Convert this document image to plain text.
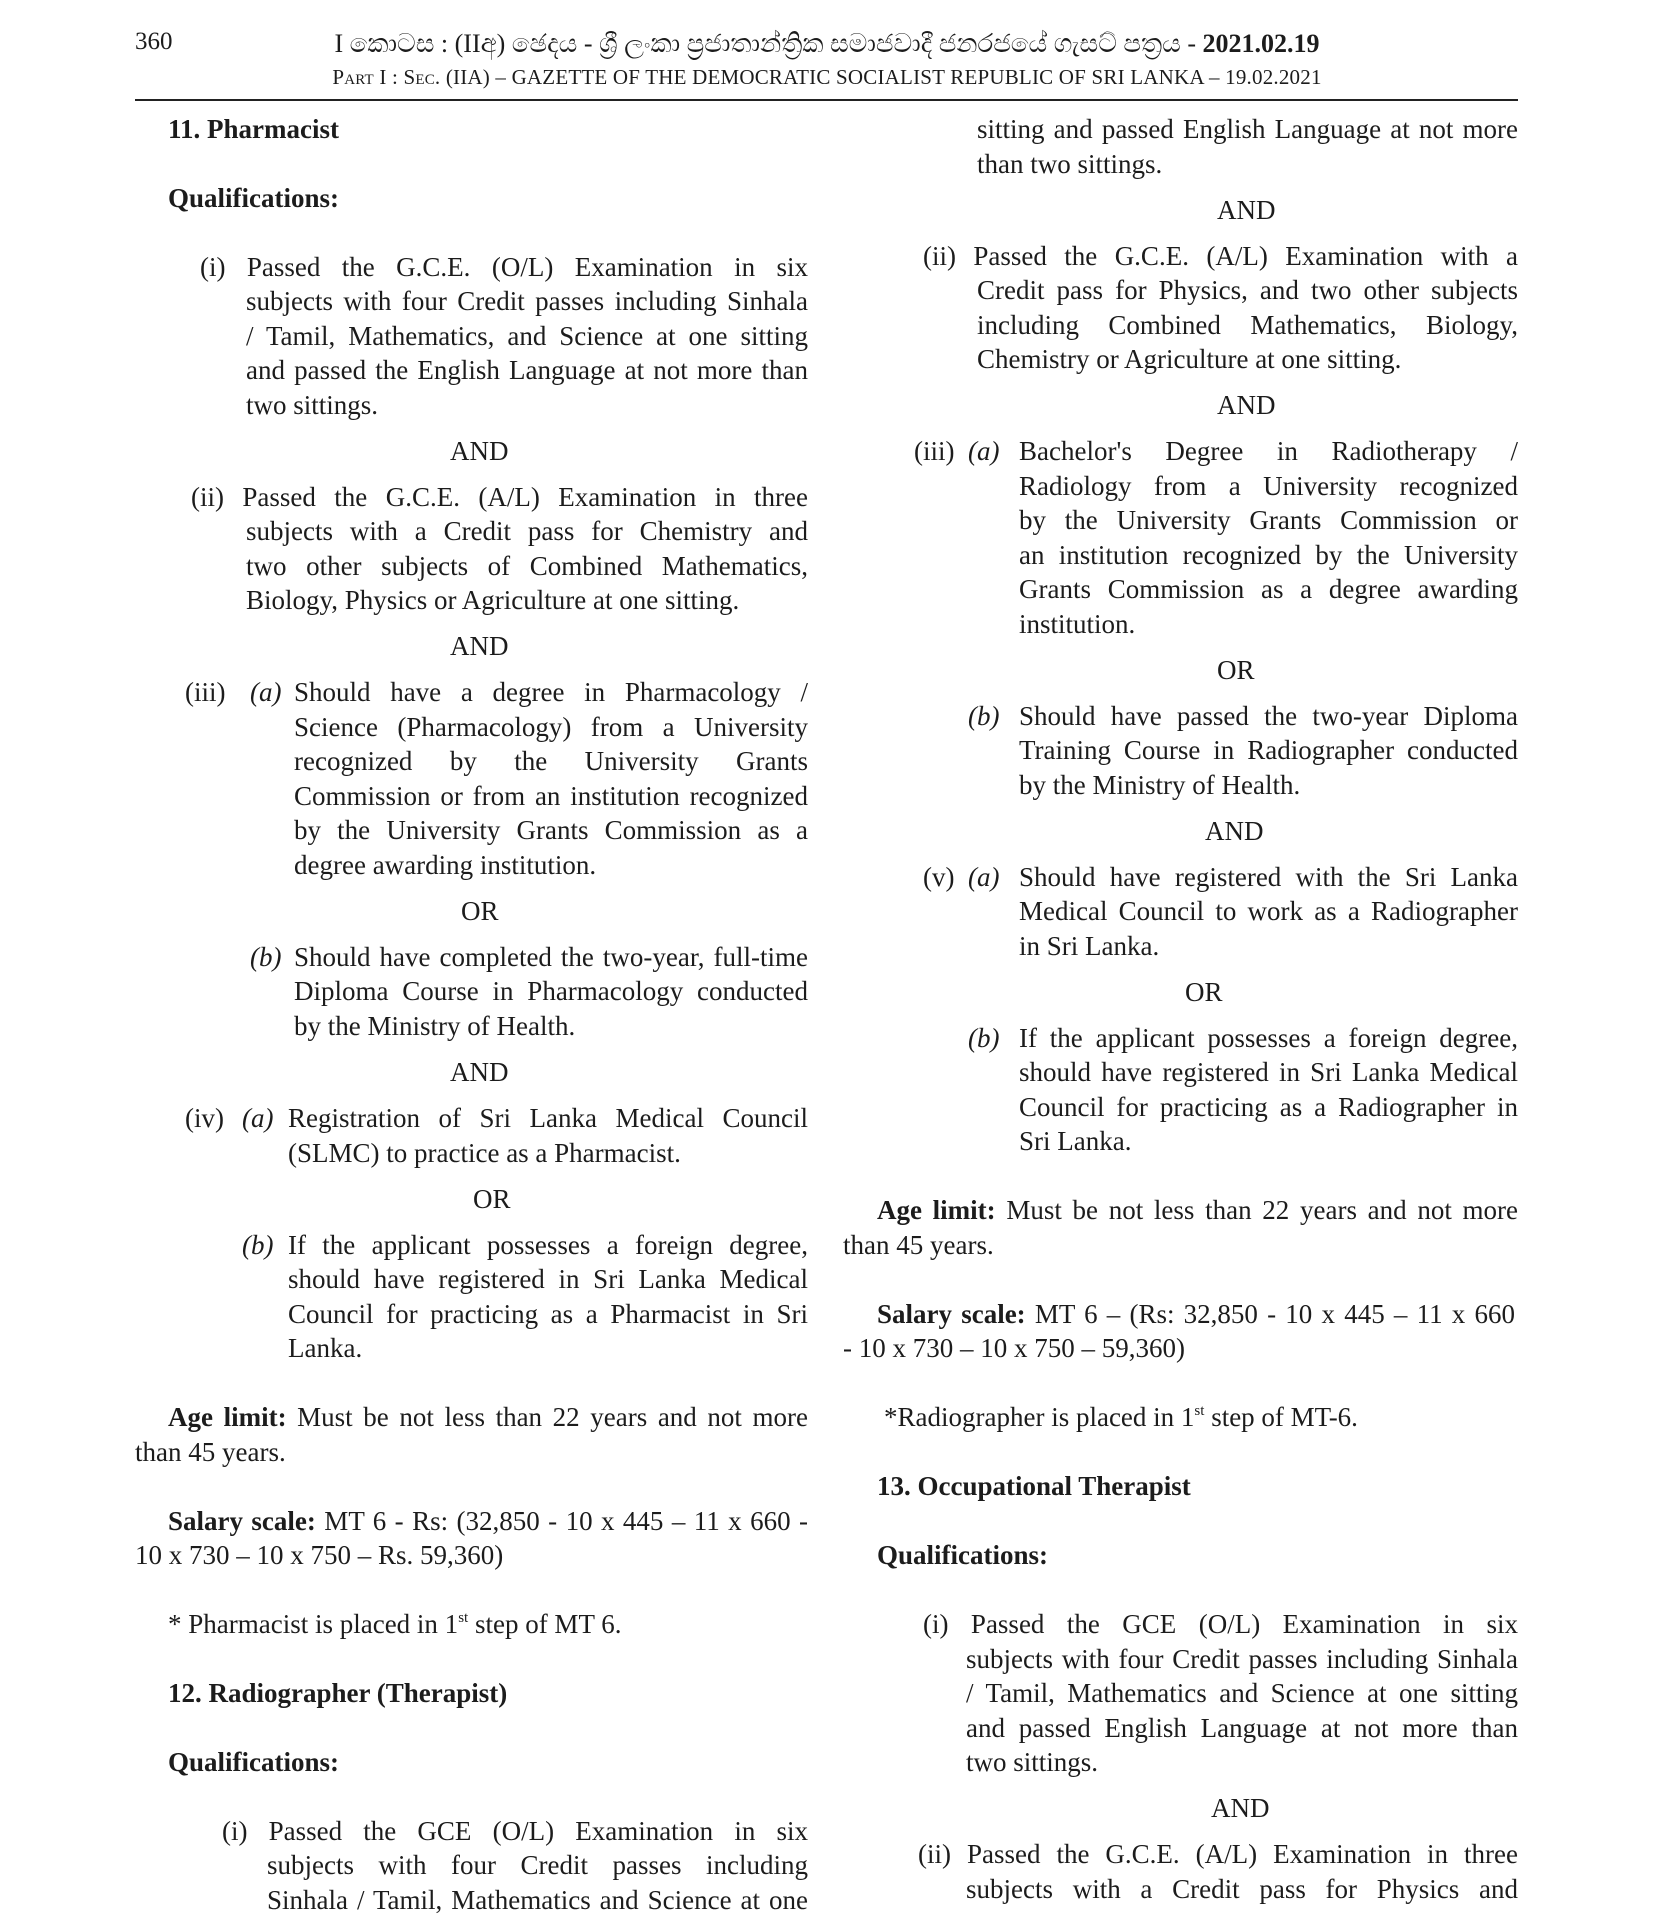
360	I කොටස : (IIඅ) ඡෙදය - ශ්‍රී ලංකා ප්‍රජාතාන්ත්‍රික සමාජවාදී ජනරජයේ ගැසට් පත්‍රය - 2021.02.19
Part I : Sec. (IIA) – GAZETTE OF THE DEMOCRATIC SOCIALIST REPUBLIC OF SRI LANKA – 19.02.2021
11. Pharmacist
Qualifications:
(i) Passed the G.C.E. (O/L) Examination in six
subjects with four Credit passes including Sinhala
/ Tamil, Mathematics, and Science at one sitting
and passed the English Language at not more than
two sittings.
AND
(ii) Passed the G.C.E. (A/L) Examination in three
subjects with a Credit pass for Chemistry and
two other subjects of Combined Mathematics,
Biology, Physics or Agriculture at one sitting.
AND
(iii) (a) Should have a degree in Pharmacology /
Science (Pharmacology) from a University
recognized by the University Grants
Commission or from an institution recognized
by the University Grants Commission as a
degree awarding institution.
OR
(b) Should have completed the two-year, full-time
Diploma Course in Pharmacology conducted
by the Ministry of Health.
AND
(iv) (a) Registration of Sri Lanka Medical Council
(SLMC) to practice as a Pharmacist.
OR
(b) If the applicant possesses a foreign degree,
should have registered in Sri Lanka Medical
Council for practicing as a Pharmacist in Sri
Lanka.
Age limit: Must be not less than 22 years and not more
than 45 years.
Salary scale: MT 6 - Rs: (32,850 - 10 x 445 – 11 x 660 -
10 x 730 – 10 x 750 – Rs. 59,360)
* Pharmacist is placed in 1st step of MT 6.
12. Radiographer (Therapist)
Qualifications:
(i) Passed the GCE (O/L) Examination in six
subjects with four Credit passes including
Sinhala / Tamil, Mathematics and Science at one
sitting and passed English Language at not more
than two sittings.
AND
(ii) Passed the G.C.E. (A/L) Examination with a
Credit pass for Physics, and two other subjects
including Combined Mathematics, Biology,
Chemistry or Agriculture at one sitting.
AND
(iii) (a) Bachelor's Degree in Radiotherapy /
Radiology from a University recognized
by the University Grants Commission or
an institution recognized by the University
Grants Commission as a degree awarding
institution.
OR
(b) Should have passed the two-year Diploma
Training Course in Radiographer conducted
by the Ministry of Health.
AND
(v) (a) Should have registered with the Sri Lanka
Medical Council to work as a Radiographer
in Sri Lanka.
OR
(b) If the applicant possesses a foreign degree,
should have registered in Sri Lanka Medical
Council for practicing as a Radiographer in
Sri Lanka.
Age limit: Must be not less than 22 years and not more
than 45 years.
Salary scale: MT 6 – (Rs: 32,850 - 10 x 445 – 11 x 660
- 10 x 730 – 10 x 750 – 59,360)
*Radiographer is placed in 1st step of MT-6.
13. Occupational Therapist
Qualifications:
(i) Passed the GCE (O/L) Examination in six
subjects with four Credit passes including Sinhala
/ Tamil, Mathematics and Science at one sitting
and passed English Language at not more than
two sittings.
AND
(ii) Passed the G.C.E. (A/L) Examination in three
subjects with a Credit pass for Physics and
